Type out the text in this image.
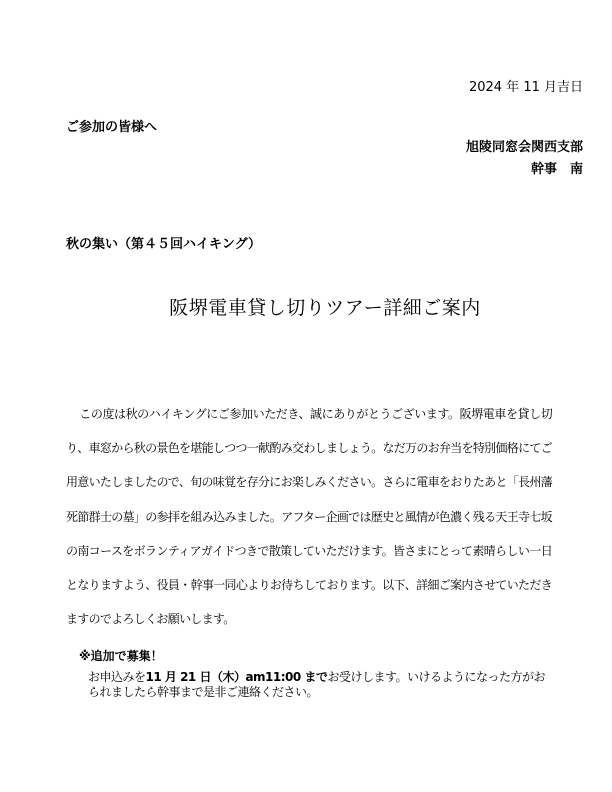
2024 年 11 月吉日
ご参加の皆様へ
旭陵同窓会関西支部
幹事　南
秋の集い（第４５回ハイキング）
阪堺電車貸し切りツアー詳細ご案内
この度は秋のハイキングにご参加いただき、誠にありがとうございます。阪堺電車を貸し切り、車窓から秋の景色を堪能しつつ一献酌み交わしましょう。なだ万のお弁当を特別価格にてご用意いたしましたので、旬の味覚を存分にお楽しみください。さらに電車をおりたあと「長州藩死節群士の墓」の参拝を組み込みました。アフター企画では歴史と風情が色濃く残る天王寺七坂の南コースをボランティアガイドつきで散策していただけます。皆さまにとって素晴らしい一日となりますよう、役員・幹事一同心よりお待ちしております。以下、詳細ご案内させていただきますのでよろしくお願いします。
※追加で募集！
お申込みを11 月 21 日（木）am11:00 までお受けします。いけるようになった方がおられましたら幹事まで是非ご連絡ください。
